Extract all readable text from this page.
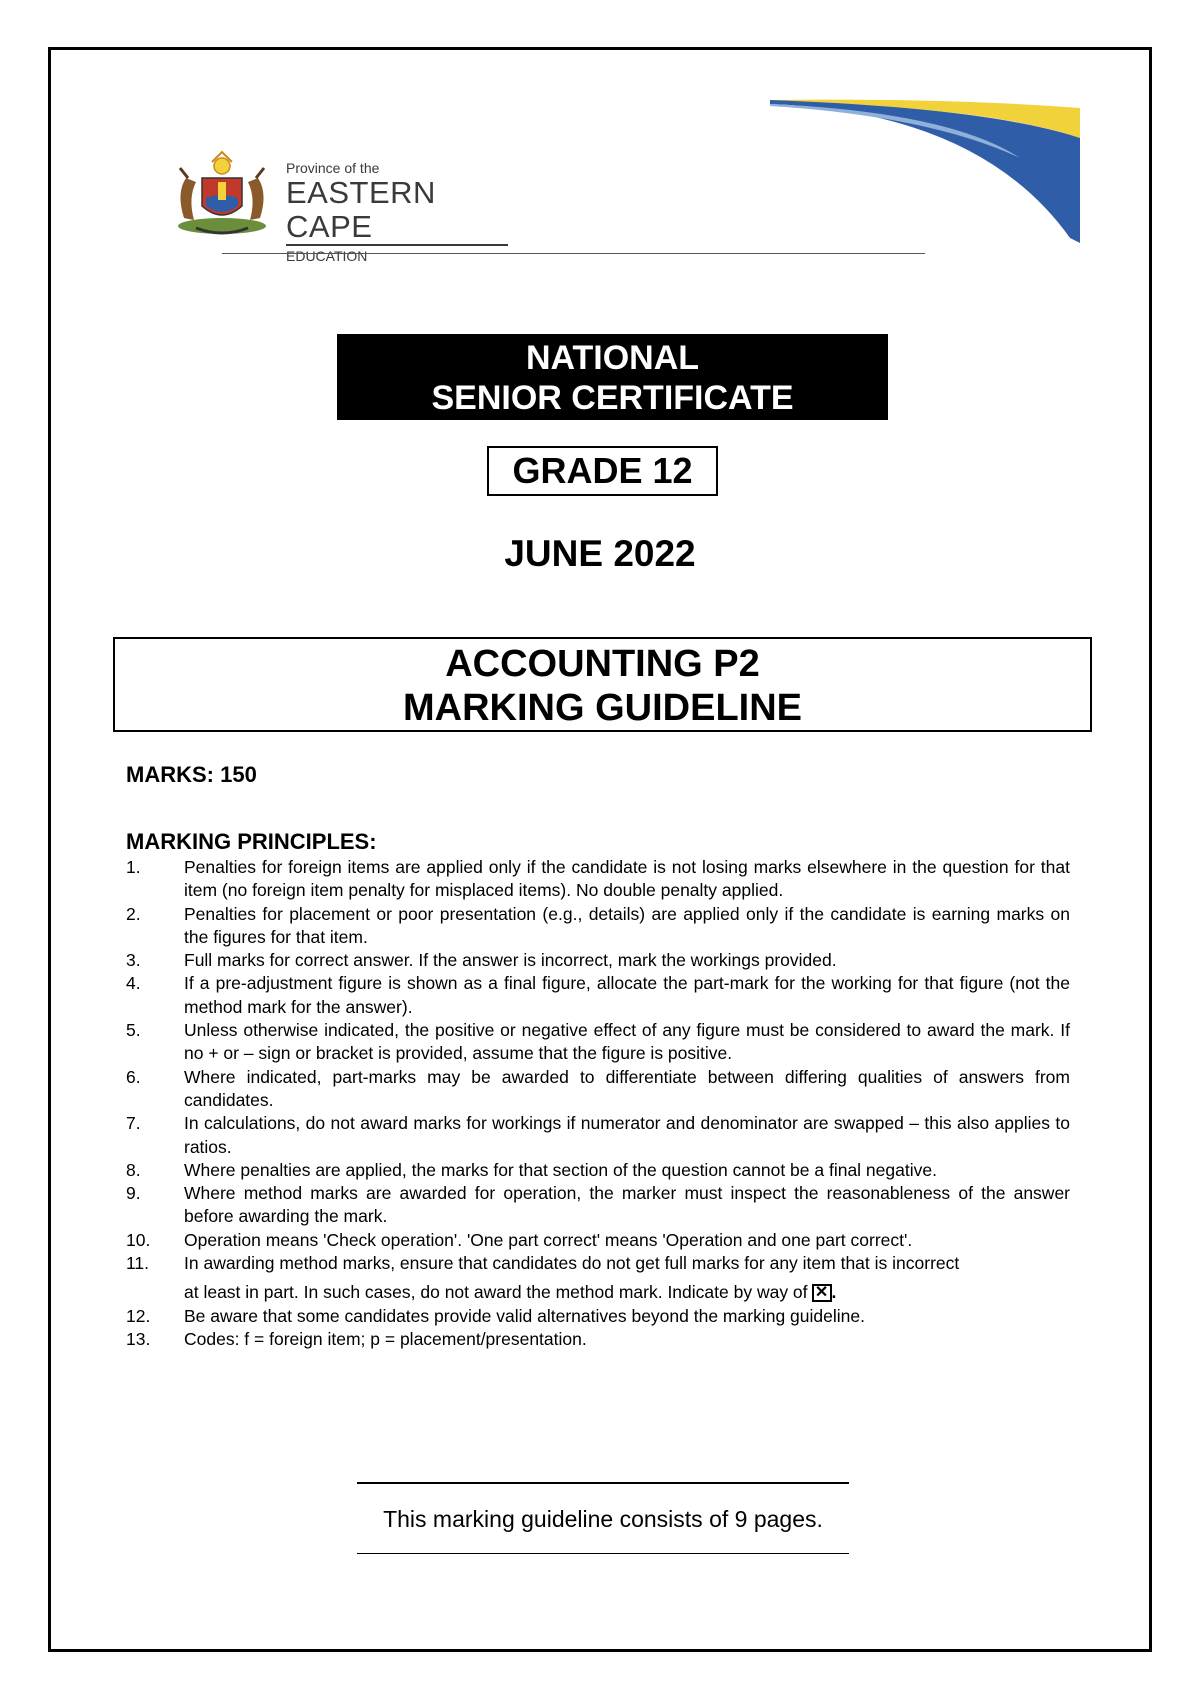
Province of the
EASTERN CAPE
EDUCATION
NATIONAL
SENIOR CERTIFICATE
GRADE 12
JUNE 2022
ACCOUNTING P2
MARKING GUIDELINE
MARKS: 150
MARKING PRINCIPLES:
1. Penalties for foreign items are applied only if the candidate is not losing marks elsewhere in the question for that item (no foreign item penalty for misplaced items). No double penalty applied.
2. Penalties for placement or poor presentation (e.g., details) are applied only if the candidate is earning marks on the figures for that item.
3. Full marks for correct answer. If the answer is incorrect, mark the workings provided.
4. If a pre-adjustment figure is shown as a final figure, allocate the part-mark for the working for that figure (not the method mark for the answer).
5. Unless otherwise indicated, the positive or negative effect of any figure must be considered to award the mark. If no + or – sign or bracket is provided, assume that the figure is positive.
6. Where indicated, part-marks may be awarded to differentiate between differing qualities of answers from candidates.
7. In calculations, do not award marks for workings if numerator and denominator are swapped – this also applies to ratios.
8. Where penalties are applied, the marks for that section of the question cannot be a final negative.
9. Where method marks are awarded for operation, the marker must inspect the reasonableness of the answer before awarding the mark.
10. Operation means 'Check operation'. 'One part correct' means 'Operation and one part correct'.
11. In awarding method marks, ensure that candidates do not get full marks for any item that is incorrect
at least in part. In such cases, do not award the method mark. Indicate by way of ✕ .
12. Be aware that some candidates provide valid alternatives beyond the marking guideline.
13. Codes: f = foreign item; p = placement/presentation.
This marking guideline consists of 9 pages.
